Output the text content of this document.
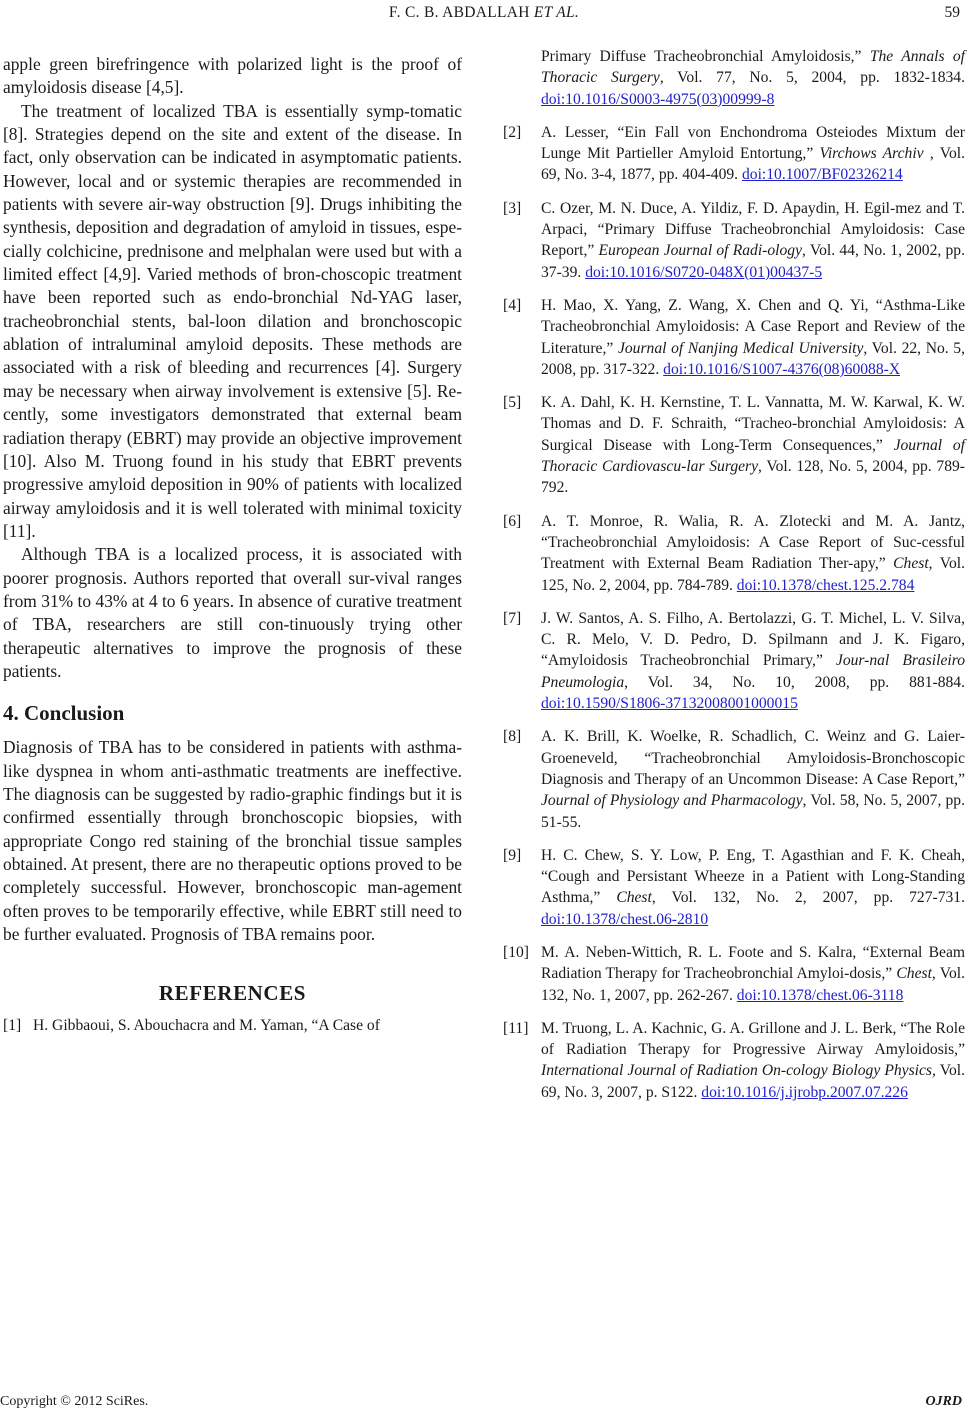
F. C. B. ABDALLAH ET AL.	59

apple green birefringence with polarized light is the proof of amyloidosis disease [4,5].

The treatment of localized TBA is essentially symp-tomatic [8]. Strategies depend on the site and extent of the disease. In fact, only observation can be indicated in asymptomatic patients. However, local and or systemic therapies are recommended in patients with severe air-way obstruction [9]. Drugs inhibiting the synthesis, deposition and degradation of amyloid in tissues, espe-cially colchicine, prednisone and melphalan were used but with a limited effect [4,9]. Varied methods of bron-choscopic treatment have been reported such as endo-bronchial Nd-YAG laser, tracheobronchial stents, bal-loon dilation and bronchoscopic ablation of intraluminal amyloid deposits. These methods are associated with a risk of bleeding and recurrences [4]. Surgery may be necessary when airway involvement is extensive [5]. Re-cently, some investigators demonstrated that external beam radiation therapy (EBRT) may provide an objective improvement [10]. Also M. Truong found in his study that EBRT prevents progressive amyloid deposition in 90% of patients with localized airway amyloidosis and it is well tolerated with minimal toxicity [11].

Although TBA is a localized process, it is associated with poorer prognosis. Authors reported that overall sur-vival ranges from 31% to 43% at 4 to 6 years. In absence of curative treatment of TBA, researchers are still con-tinuously trying other therapeutic alternatives to improve the prognosis of these patients.

4. Conclusion

Diagnosis of TBA has to be considered in patients with asthma-like dyspnea in whom anti-asthmatic treatments are ineffective. The diagnosis can be suggested by radio-graphic findings but it is confirmed essentially through bronchoscopic biopsies, with appropriate Congo red staining of the bronchial tissue samples obtained. At present, there are no therapeutic options proved to be completely successful. However, bronchoscopic man-agement often proves to be temporarily effective, while EBRT still need to be further evaluated. Prognosis of TBA remains poor.

REFERENCES
[1] H. Gibbaoui, S. Abouchacra and M. Yaman, “A Case of
Primary Diffuse Tracheobronchial Amyloidosis,” The Annals of Thoracic Surgery, Vol. 77, No. 5, 2004, pp. 1832-1834. doi:10.1016/S0003-4975(03)00999-8
[2]	A. Lesser, “Ein Fall von Enchondroma Osteiodes Mixtum der Lunge Mit Partieller Amyloid Entortung,” Virchows Archiv , Vol. 69, No. 3-4, 1877, pp. 404-409. doi:10.1007/BF02326214
[3]	C. Ozer, M. N. Duce, A. Yildiz, F. D. Apaydin, H. Egil-mez and T. Arpaci, “Primary Diffuse Tracheobronchial Amyloidosis: Case Report,” European Journal of Radi-ology, Vol. 44, No. 1, 2002, pp. 37-39. doi:10.1016/S0720-048X(01)00437-5
[4]	H. Mao, X. Yang, Z. Wang, X. Chen and Q. Yi, “Asthma-Like Tracheobronchial Amyloidosis: A Case Report and Review of the Literature,” Journal of Nanjing Medical University, Vol. 22, No. 5, 2008, pp. 317-322. doi:10.1016/S1007-4376(08)60088-X
[5]	K. A. Dahl, K. H. Kernstine, T. L. Vannatta, M. W. Karwal, K. W. Thomas and D. F. Schraith, “Tracheo-bronchial Amyloidosis: A Surgical Disease with Long-Term Consequences,” Journal of Thoracic Cardiovascu-lar Surgery, Vol. 128, No. 5, 2004, pp. 789-792.
[6]	A. T. Monroe, R. Walia, R. A. Zlotecki and M. A. Jantz, “Tracheobronchial Amyloidosis: A Case Report of Suc-cessful Treatment with External Beam Radiation Ther-apy,” Chest, Vol. 125, No. 2, 2004, pp. 784-789. doi:10.1378/chest.125.2.784
[7]	J. W. Santos, A. S. Filho, A. Bertolazzi, G. T. Michel, L. V. Silva, C. R. Melo, V. D. Pedro, D. Spilmann and J. K. Figaro, “Amyloidosis Tracheobronchial Primary,” Jour-nal Brasileiro Pneumologia, Vol. 34, No. 10, 2008, pp. 881-884. doi:10.1590/S1806-37132008001000015
[8]	A. K. Brill, K. Woelke, R. Schadlich, C. Weinz and G. Laier-Groeneveld, “Tracheobronchial Amyloidosis-Bronchoscopic Diagnosis and Therapy of an Uncommon Disease: A Case Report,” Journal of Physiology and Pharmacology, Vol. 58, No. 5, 2007, pp. 51-55.
[9]	H. C. Chew, S. Y. Low, P. Eng, T. Agasthian and F. K. Cheah, “Cough and Persistant Wheeze in a Patient with Long-Standing Asthma,” Chest, Vol. 132, No. 2, 2007, pp. 727-731. doi:10.1378/chest.06-2810
[10] M. A. Neben-Wittich, R. L. Foote and S. Kalra, “External Beam Radiation Therapy for Tracheobronchial Amyloi-dosis,” Chest, Vol. 132, No. 1, 2007, pp. 262-267. doi:10.1378/chest.06-3118
[11] M. Truong, L. A. Kachnic, G. A. Grillone and J. L. Berk, “The Role of Radiation Therapy for Progressive Airway Amyloidosis,” International Journal of Radiation On-cology Biology Physics, Vol. 69, No. 3, 2007, p. S122. doi:10.1016/j.ijrobp.2007.07.226
Copyright © 2012 SciRes.	OJRD
